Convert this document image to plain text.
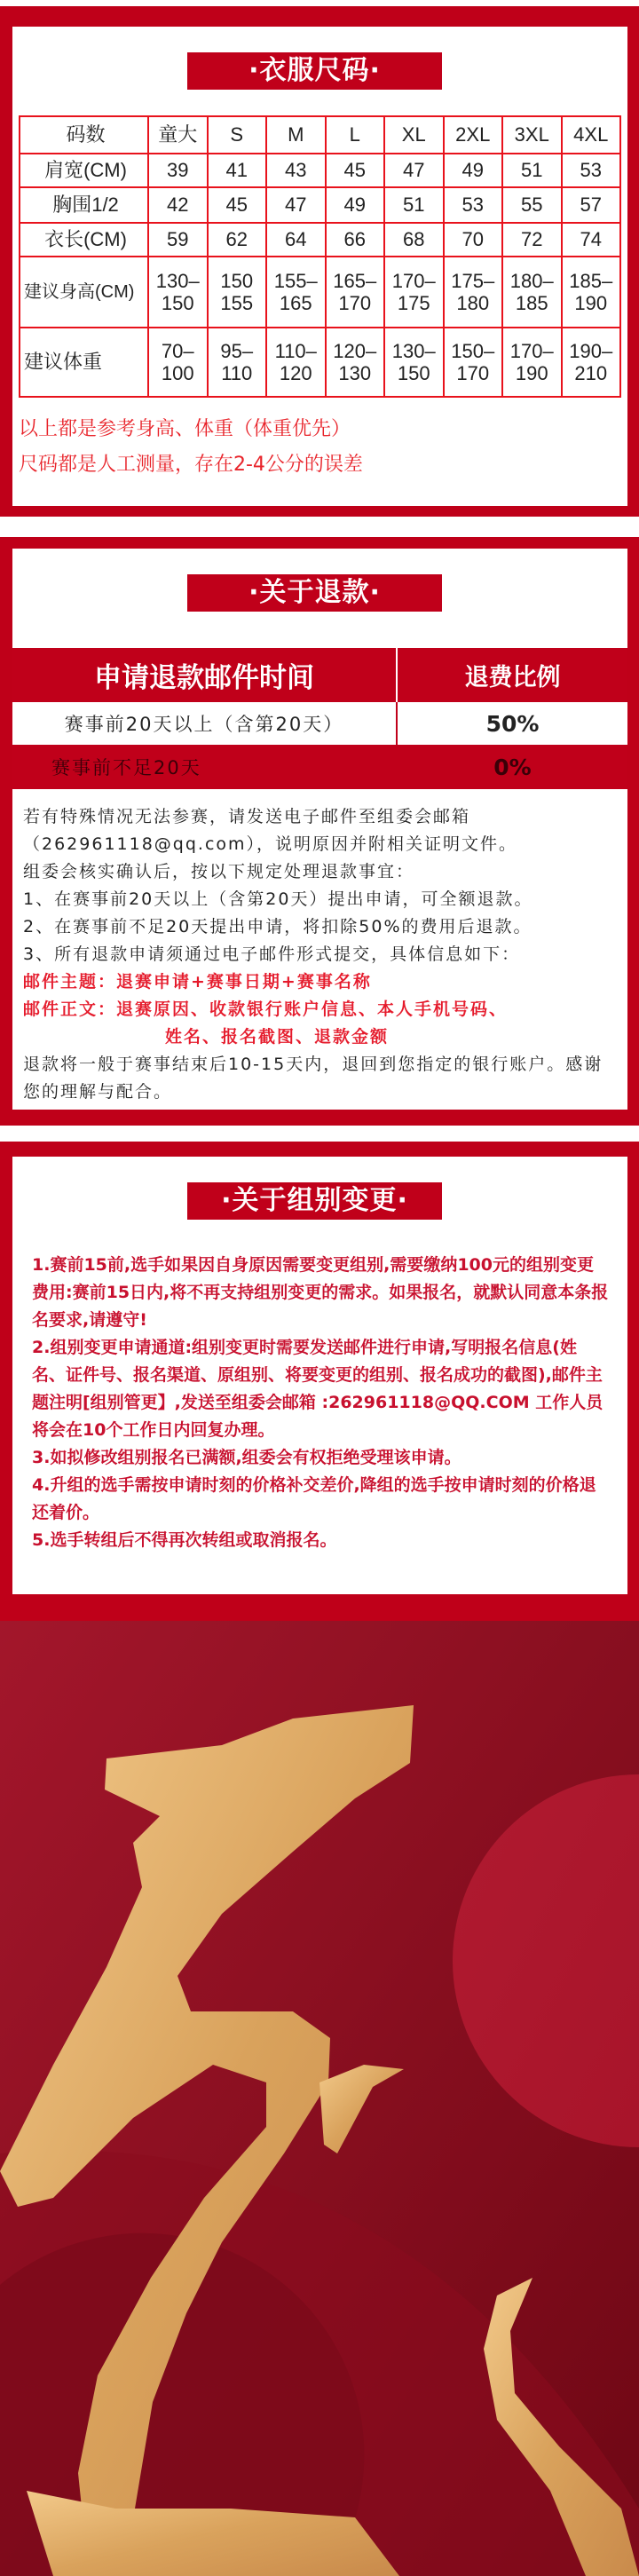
·衣服尺码·
码数	童大	S	M	L	XL	2XL	3XL	4XL
肩宽(CM)	39	41	43	45	47	49	51	53
胸围1/2	42	45	47	49	51	53	55	57
衣长(CM)	59	62	64	66	68	70	72	74
建议身高(CM)	130–150	150 155	155–165	165–170	170–175	175–180	180–185	185–190
建议体重	70–100	95–110	110–120	120–130	130–150	150–170	170–190	190–210
以上都是参考身高、体重（体重优先）
尺码都是人工测量，存在2-4公分的误差
·关于退款·
申请退款邮件时间	退费比例
赛事前20天以上（含第20天）	50%
赛事前不足20天	0%
若有特殊情况无法参赛，请发送电子邮件至组委会邮箱
（262961118@qq.com），说明原因并附相关证明文件。
组委会核实确认后，按以下规定处理退款事宜：
1、在赛事前20天以上（含第20天）提出申请，可全额退款。
2、在赛事前不足20天提出申请，将扣除50%的费用后退款。
3、所有退款申请须通过电子邮件形式提交，具体信息如下：
邮件主题：退赛申请+赛事日期+赛事名称
邮件正文：退赛原因、收款银行账户信息、本人手机号码、
姓名、报名截图、退款金额
退款将一般于赛事结束后10-15天内，退回到您指定的银行账户。感谢您的理解与配合。
·关于组别变更·
1.赛前15前,选手如果因自身原因需要变更组别,需要缴纳100元的组别变更费用:赛前15日内,将不再支持组别变更的需求。如果报名，就默认同意本条报名要求,请遵守!
2.组别变更申请通道:组别变更时需要发送邮件进行申请,写明报名信息(姓名、证件号、报名渠道、原组别、将要变更的组别、报名成功的截图),邮件主题注明[组别管更】,发送至组委会邮箱 :262961118@QQ.COM 工作人员将会在10个工作日内回复办理。
3.如拟修改组别报名已满额,组委会有权拒绝受理该申请。
4.升组的选手需按申请时刻的价格补交差价,降组的选手按申请时刻的价格退还着价。
5.选手转组后不得再次转组或取消报名。
